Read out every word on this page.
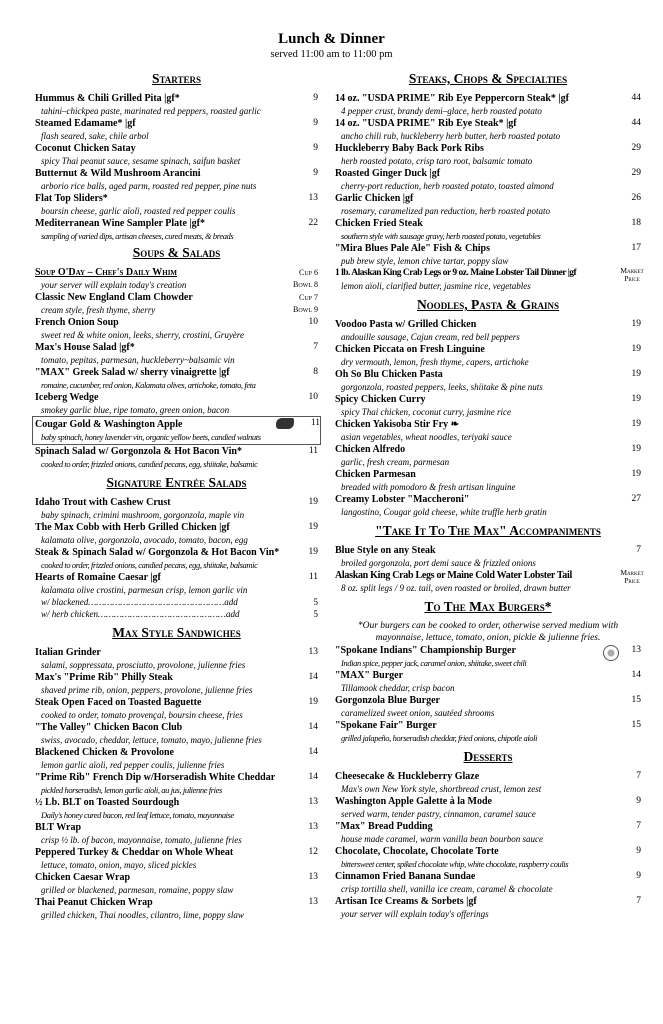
Lunch & Dinner
served 11:00 am to 11:00 pm
Starters
Hummus & Chili Grilled Pita |gf*	9
tahini–chickpea paste, marinated red peppers, roasted garlic
Steamed Edamame* |gf	9
flash seared, sake, chile arbol
Coconut Chicken Satay	9
spicy Thai peanut sauce, sesame spinach, saifun basket
Butternut & Wild Mushroom Arancini	9
arborio rice balls, aged parm, roasted red pepper, pine nuts
Flat Top Sliders*	13
boursin cheese, garlic aïoli, roasted red pepper coulis
Mediterranean Wine Sampler Plate |gf*	22
sampling of varied dips, artisan cheeses, cured meats, & breads
Soups & Salads
Soup O'Day – Chef's Daily Whim	Cup 6
your server will explain today's creation	Bowl 8
Classic New England Clam Chowder	Cup 7
cream style, fresh thyme, sherry	Bowl 9
French Onion Soup	10
sweet red & white onion, leeks, sherry, crostini, Gruyère
Max's House Salad |gf*	7
tomato, pepitas, parmesan, huckleberry~balsamic vin
"MAX" Greek Salad w/ sherry vinaigrette |gf	8
romaine, cucumber, red onion, Kalamata olives, artichoke, tomato, feta
Iceberg Wedge	10
smokey garlic blue, ripe tomato, green onion, bacon
Cougar Gold & Washington Apple	11
baby spinach, honey lavender vin, organic yellow beets, candied walnuts
Spinach Salad w/ Gorgonzola & Hot Bacon Vin*	11
cooked to order, frizzled onions, candied pecans, egg, shiitake, balsamic
Signature Entrée Salads
Idaho Trout with Cashew Crust	19
baby spinach, crimini mushroom, gorgonzola, maple vin
The Max Cobb with Herb Grilled Chicken |gf	19
kalamata olive, gorgonzola, avocado, tomato, bacon, egg
Steak & Spinach Salad w/ Gorgonzola & Hot Bacon Vin*	19
cooked to order, frizzled onions, candied pecans, egg, shiitake, balsamic
Hearts of Romaine Caesar |gf	11
kalamata olive crostini, parmesan crisp, lemon garlic vin
w/ blackened……………………………………………add	5
w/ herb chicken…………………………………………add	5
Max Style Sandwiches
Italian Grinder	13
salami, soppressata, prosciutto, provolone, julienne fries
Max's "Prime Rib" Philly Steak	14
shaved prime rib, onion, peppers, provolone, julienne fries
Steak Open Faced on Toasted Baguette	19
cooked to order, tomato provençal, boursin cheese, fries
"The Valley" Chicken Bacon Club	14
swiss, avocado, cheddar, lettuce, tomato, mayo, julienne fries
Blackened Chicken & Provolone	14
lemon garlic aïoli, red pepper coulis, julienne fries
"Prime Rib" French Dip w/Horseradish White Cheddar	14
pickled horseradish, lemon garlic aïoli, au jus, julienne fries
½ Lb. BLT on Toasted Sourdough	13
Daily's honey cured bacon, red leaf lettuce, tomato, mayonnaise
BLT Wrap	13
crisp ½ lb. of bacon, mayonnaise, tomato, julienne fries
Peppered Turkey & Cheddar on Whole Wheat	12
lettuce, tomato, onion, mayo, sliced pickles
Chicken Caesar Wrap	13
grilled or blackened, parmesan, romaine, poppy slaw
Thai Peanut Chicken Wrap	13
grilled chicken, Thai noodles, cilantro, lime, poppy slaw
Steaks, Chops & Specialties
14 oz. "USDA PRIME" Rib Eye Peppercorn Steak* |gf	44
4 pepper crust, brandy demi–glace, herb roasted potato
14 oz. "USDA PRIME" Rib Eye Steak* |gf	44
ancho chili rub, huckleberry herb butter, herb roasted potato
Huckleberry Baby Back Pork Ribs	29
herb roasted potato, crisp taro root, balsamic tomato
Roasted Ginger Duck |gf	29
cherry-port reduction, herb roasted potato, toasted almond
Garlic Chicken |gf	26
rosemary, caramelized pan reduction, herb roasted potato
Chicken Fried Steak	18
southern style with sausage gravy, herb roasted potato, vegetables
"Mira Blues Pale Ale" Fish & Chips	17
pub brew style, lemon chive tartar, poppy slaw
1 lb. Alaskan King Crab Legs or 9 oz. Maine Lobster Tail Dinner |gf	Market
Price
lemon aïoli, clarified butter, jasmine rice, vegetables
Noodles, Pasta & Grains
Voodoo Pasta w/ Grilled Chicken	19
andouille sausage, Cajun cream, red bell peppers
Chicken Piccata on Fresh Linguine	19
dry vermouth, lemon, fresh thyme, capers, artichoke
Oh So Blu Chicken Pasta	19
gorgonzola, roasted peppers, leeks, shiitake & pine nuts
Spicy Chicken Curry	19
spicy Thai chicken, coconut curry, jasmine rice
Chicken Yakisoba Stir Fry ❧	19
asian vegetables, wheat noodles, teriyaki sauce
Chicken Alfredo	19
garlic, fresh cream, parmesan
Chicken Parmesan	19
breaded with pomodoro & fresh artisan linguine
Creamy Lobster "Maccheroni"	27
langostino, Cougar gold cheese, white truffle herb gratin
"Take It To The Max" Accompaniments
Blue Style on any Steak	7
broiled gorgonzola, port demi sauce & frizzled onions
Alaskan King Crab Legs or Maine Cold Water Lobster Tail	Market
Price
8 oz. split legs / 9 oz. tail, oven roasted or broiled, drawn butter
To The Max Burgers*
*Our burgers can be cooked to order, otherwise served medium with mayonnaise, lettuce, tomato, onion, pickle & julienne fries.
"Spokane Indians" Championship Burger	13
Indian spice, pepper jack, caramel onion, shiitake, sweet chili
"MAX" Burger	14
Tillamook cheddar, crisp bacon
Gorgonzola Blue Burger	15
caramelized sweet onion, sautéed shrooms
"Spokane Fair" Burger	15
grilled jalapeño, horseradish cheddar, fried onions, chipotle aïoli
Desserts
Cheesecake & Huckleberry Glaze	7
Max's own New York style, shortbread crust, lemon zest
Washington Apple Galette à la Mode	9
served warm, tender pastry, cinnamon, caramel sauce
"Max" Bread Pudding	7
house made caramel, warm vanilla bean bourbon sauce
Chocolate, Chocolate, Chocolate Torte	9
bittersweet center, spiked chocolate whip, white chocolate, raspberry coulis
Cinnamon Fried Banana Sundae	9
crisp tortilla shell, vanilla ice cream, caramel & chocolate
Artisan Ice Creams & Sorbets |gf	7
your server will explain today's offerings
